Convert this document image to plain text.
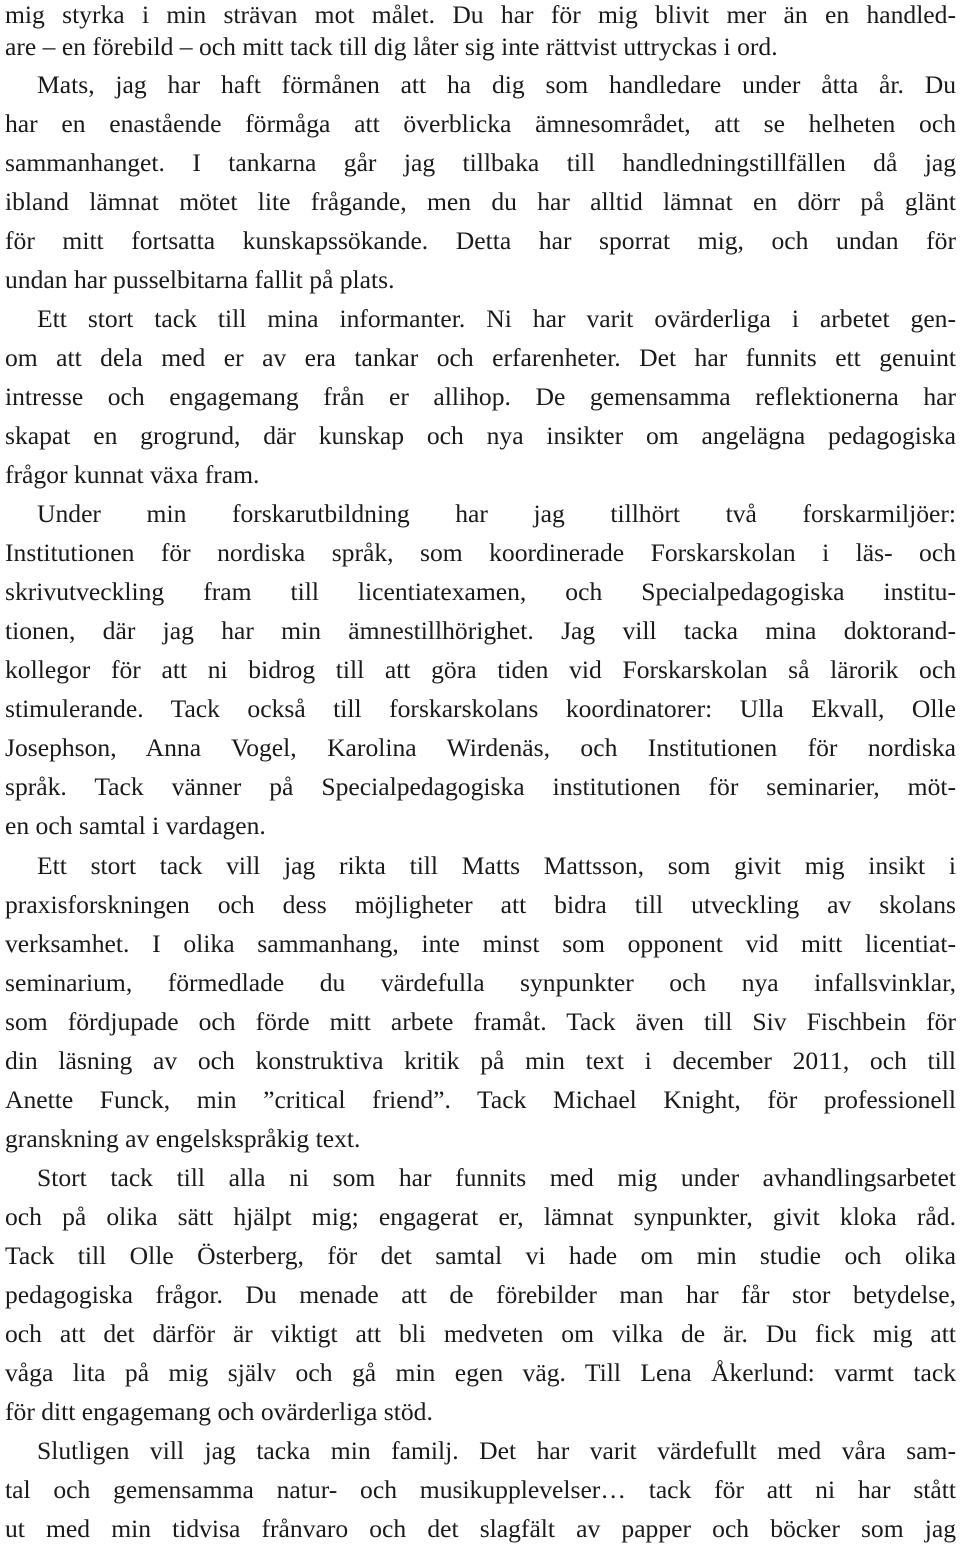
mig styrka i min strävan mot målet. Du har för mig blivit mer än en handled-
are – en förebild – och mitt tack till dig låter sig inte rättvist uttryckas i ord.
Mats, jag har haft förmånen att ha dig som handledare under åtta år. Du
har en enastående förmåga att överblicka ämnesområdet, att se helheten och
sammanhanget. I tankarna går jag tillbaka till handledningstillfällen då jag
ibland lämnat mötet lite frågande, men du har alltid lämnat en dörr på glänt
för mitt fortsatta kunskapssökande. Detta har sporrat mig, och undan för
undan har pusselbitarna fallit på plats.
Ett stort tack till mina informanter. Ni har varit ovärderliga i arbetet gen-
om att dela med er av era tankar och erfarenheter. Det har funnits ett genuint
intresse och engagemang från er allihop. De gemensamma reflektionerna har
skapat en grogrund, där kunskap och nya insikter om angelägna pedagogiska
frågor kunnat växa fram.
Under min forskarutbildning har jag tillhört två forskarmiljöer:
Institutionen för nordiska språk, som koordinerade Forskarskolan i läs- och
skrivutveckling fram till licentiatexamen, och Specialpedagogiska institu-
tionen, där jag har min ämnestillhörighet. Jag vill tacka mina doktorand-
kollegor för att ni bidrog till att göra tiden vid Forskarskolan så lärorik och
stimulerande. Tack också till forskarskolans koordinatorer: Ulla Ekvall, Olle
Josephson, Anna Vogel, Karolina Wirdenäs, och Institutionen för nordiska
språk. Tack vänner på Specialpedagogiska institutionen för seminarier, möt-
en och samtal i vardagen.
Ett stort tack vill jag rikta till Matts Mattsson, som givit mig insikt i
praxisforskningen och dess möjligheter att bidra till utveckling av skolans
verksamhet. I olika sammanhang, inte minst som opponent vid mitt licentiat-
seminarium, förmedlade du värdefulla synpunkter och nya infallsvinklar,
som fördjupade och förde mitt arbete framåt. Tack även till Siv Fischbein för
din läsning av och konstruktiva kritik på min text i december 2011, och till
Anette Funck, min ”critical friend”. Tack Michael Knight, för professionell
granskning av engelskspråkig text.
Stort tack till alla ni som har funnits med mig under avhandlingsarbetet
och på olika sätt hjälpt mig; engagerat er, lämnat synpunkter, givit kloka råd.
Tack till Olle Österberg, för det samtal vi hade om min studie och olika
pedagogiska frågor. Du menade att de förebilder man har får stor betydelse,
och att det därför är viktigt att bli medveten om vilka de är. Du fick mig att
våga lita på mig själv och gå min egen väg. Till Lena Åkerlund: varmt tack
för ditt engagemang och ovärderliga stöd.
Slutligen vill jag tacka min familj. Det har varit värdefullt med våra sam-
tal och gemensamma natur- och musikupplevelser… tack för att ni har stått
ut med min tidvisa frånvaro och det slagfält av papper och böcker som jag
